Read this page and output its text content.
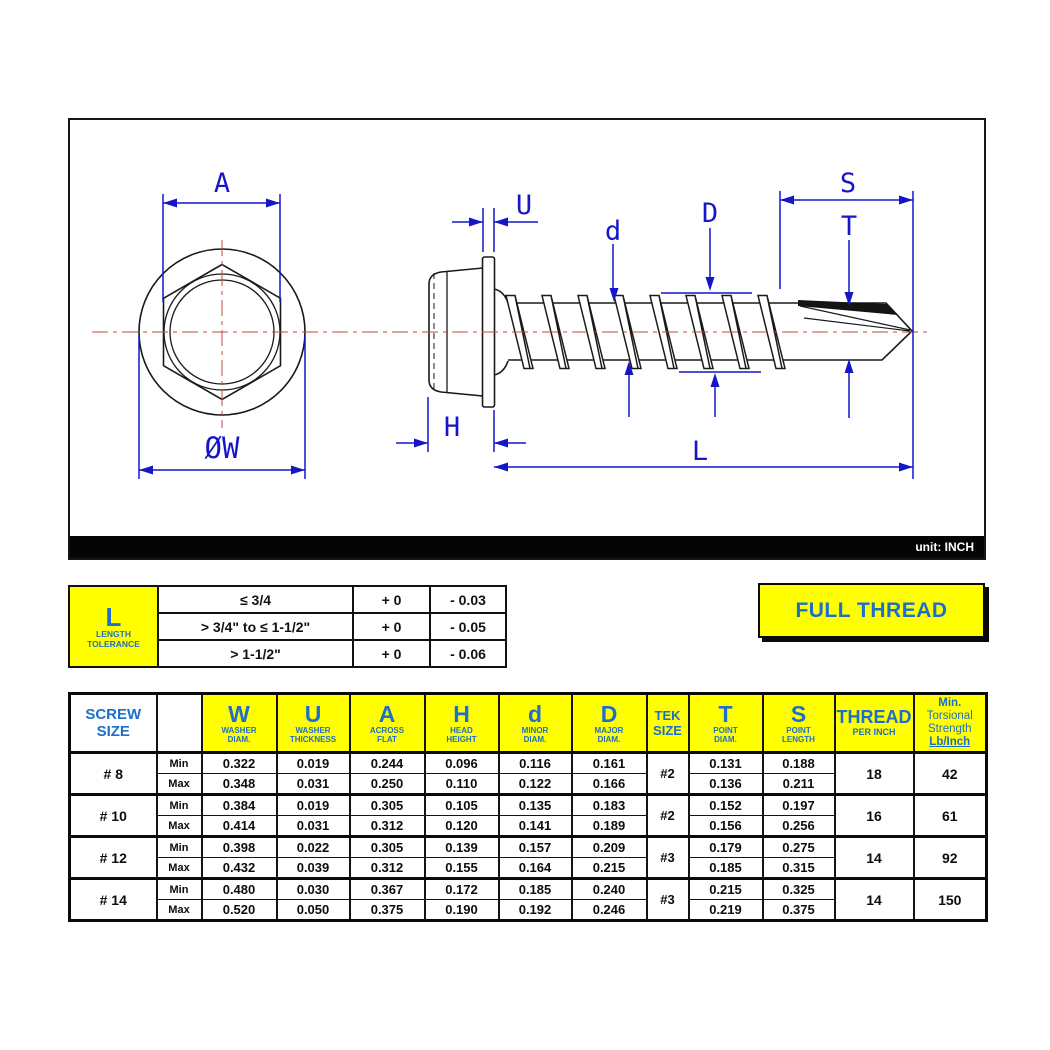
A
ØW
U
d
D
S
T
H
L
unit: INCH
L
LENGTH
TOLERANCE	≤ 3/4	+ 0	- 0.03
	> 3/4" to ≤ 1-1/2"	+ 0	- 0.05
	> 1-1/2"	+ 0	- 0.06
FULL THREAD
SCREW
SIZE

W
WASHER
DIAM.

U
WASHER
THICKNESS

A
ACROSS
FLAT

H
HEAD
HEIGHT

d
MINOR
DIAM.

D
MAJOR
DIAM.

TEK
SIZE

T
POINT
DIAM.

S
POINT
LENGTH

THREAD
PER INCH

Min.
Torsional
Strength
Lb/Inch

# 8	Min	0.322	0.019	0.244	0.096	0.116	0.161	#2	0.131	0.188	18	42
	Max	0.348	0.031	0.250	0.110	0.122	0.166		0.136	0.211		
# 10	Min	0.384	0.019	0.305	0.105	0.135	0.183	#2	0.152	0.197	16	61
	Max	0.414	0.031	0.312	0.120	0.141	0.189		0.156	0.256		
# 12	Min	0.398	0.022	0.305	0.139	0.157	0.209	#3	0.179	0.275	14	92
	Max	0.432	0.039	0.312	0.155	0.164	0.215		0.185	0.315		
# 14	Min	0.480	0.030	0.367	0.172	0.185	0.240	#3	0.215	0.325	14	150
	Max	0.520	0.050	0.375	0.190	0.192	0.246		0.219	0.375		
